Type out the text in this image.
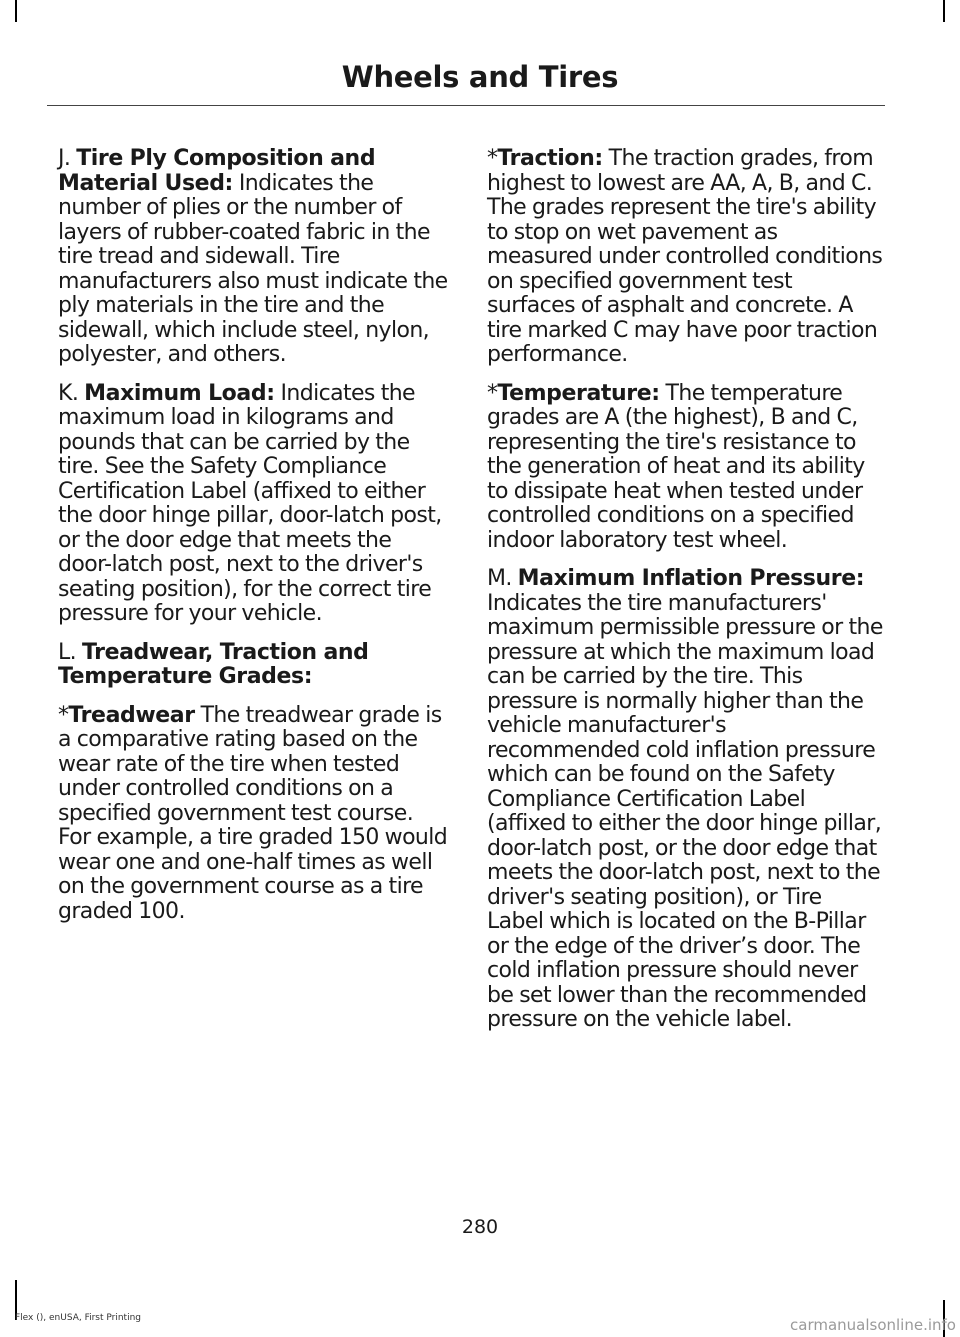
Wheels and Tires

J. Tire Ply Composition and Material Used: Indicates the number of plies or the number of layers of rubber-coated fabric in the tire tread and sidewall. Tire manufacturers also must indicate the ply materials in the tire and the sidewall, which include steel, nylon, polyester, and others.

K. Maximum Load: Indicates the maximum load in kilograms and pounds that can be carried by the tire. See the Safety Compliance Certification Label (affixed to either the door hinge pillar, door-latch post, or the door edge that meets the door-latch post, next to the driver's seating position), for the correct tire pressure for your vehicle.

L. Treadwear, Traction and Temperature Grades:

*Treadwear The treadwear grade is a comparative rating based on the wear rate of the tire when tested under controlled conditions on a specified government test course. For example, a tire graded 150 would wear one and one-half times as well on the government course as a tire graded 100.

*Traction: The traction grades, from highest to lowest are AA, A, B, and C. The grades represent the tire's ability to stop on wet pavement as measured under controlled conditions on specified government test surfaces of asphalt and concrete. A tire marked C may have poor traction performance.

*Temperature: The temperature grades are A (the highest), B and C, representing the tire's resistance to the generation of heat and its ability to dissipate heat when tested under controlled conditions on a specified indoor laboratory test wheel.

M. Maximum Inflation Pressure: Indicates the tire manufacturers' maximum permissible pressure or the pressure at which the maximum load can be carried by the tire. This pressure is normally higher than the vehicle manufacturer's recommended cold inflation pressure which can be found on the Safety Compliance Certification Label (affixed to either the door hinge pillar, door-latch post, or the door edge that meets the door-latch post, next to the driver's seating position), or Tire Label which is located on the B-Pillar or the edge of the driver’s door. The cold inflation pressure should never be set lower than the recommended pressure on the vehicle label.

280
Flex (), enUSA, First Printing	carmanualsonline.info
